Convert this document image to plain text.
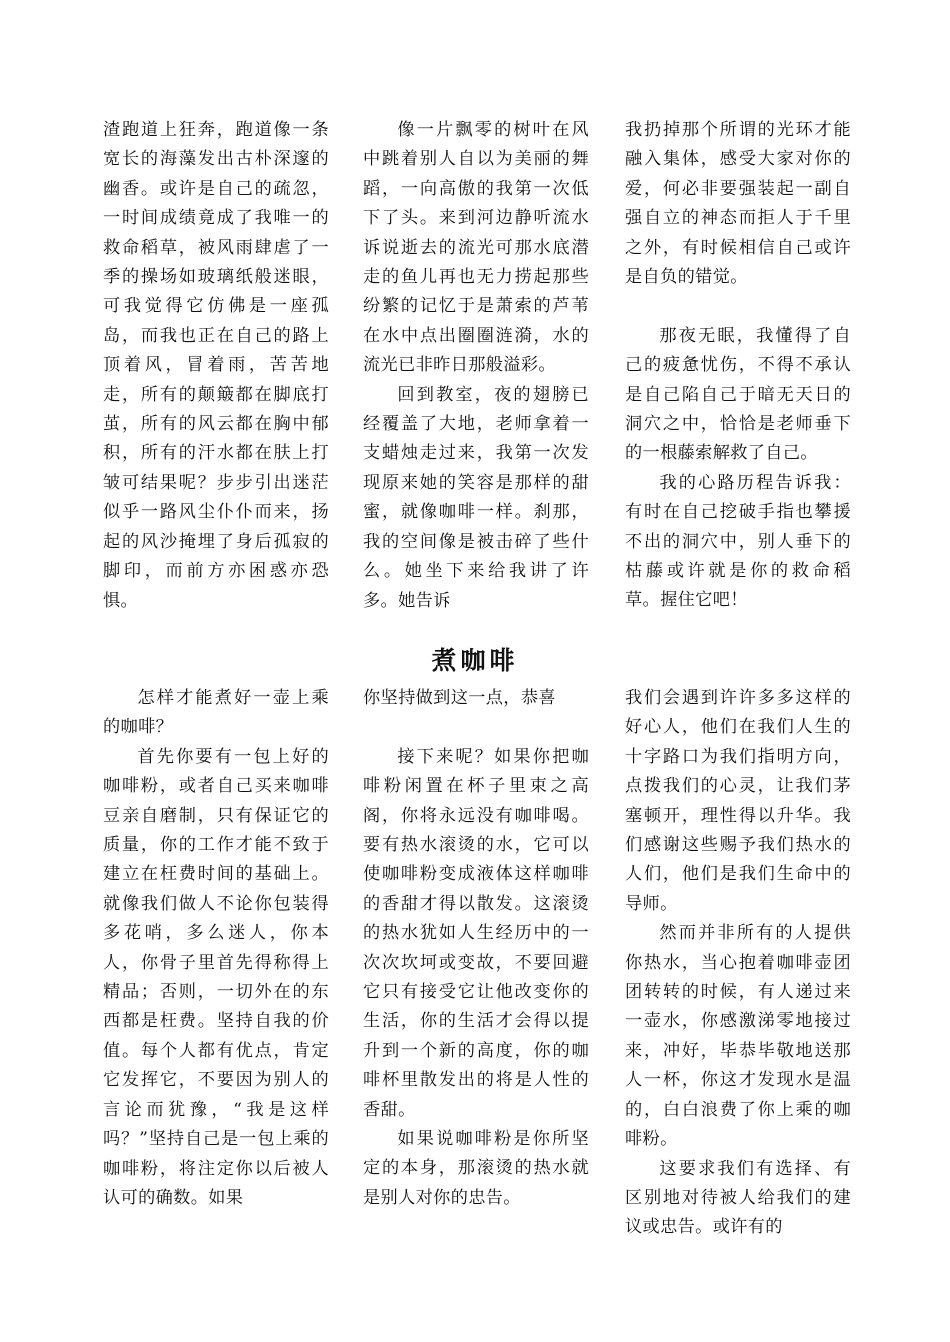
渣跑道上狂奔，跑道像一条宽长的海藻发出古朴深邃的幽香。或许是自己的疏忽，一时间成绩竟成了我唯一的救命稻草，被风雨肆虐了一季的操场如玻璃纸般迷眼，可我觉得它仿佛是一座孤岛，而我也正在自己的路上顶着风，冒着雨，苦苦地走，所有的颠簸都在脚底打茧，所有的风云都在胸中郁积，所有的汗水都在肤上打皱可结果呢？步步引出迷茫似乎一路风尘仆仆而来，扬起的风沙掩埋了身后孤寂的脚印，而前方亦困惑亦恐惧。

像一片飘零的树叶在风中跳着别人自以为美丽的舞蹈，一向高傲的我第一次低下了头。来到河边静听流水诉说逝去的流光可那水底潜走的鱼儿再也无力捞起那些纷繁的记忆于是萧索的芦苇在水中点出圈圈涟漪，水的流光已非昨日那般溢彩。

回到教室，夜的翅膀已经覆盖了大地，老师拿着一支蜡烛走过来，我第一次发现原来她的笑容是那样的甜蜜，就像咖啡一样。刹那，我的空间像是被击碎了些什么。她坐下来给我讲了许多。她告诉

我扔掉那个所谓的光环才能融入集体，感受大家对你的爱，何必非要强装起一副自强自立的神态而拒人于千里之外，有时候相信自己或许是自负的错觉。

那夜无眠，我懂得了自己的疲惫忧伤，不得不承认是自己陷自己于暗无天日的洞穴之中，恰恰是老师垂下的一根藤索解救了自己。

我的心路历程告诉我：有时在自己挖破手指也攀援不出的洞穴中，别人垂下的枯藤或许就是你的救命稻草。握住它吧！

煮咖啡

怎样才能煮好一壶上乘的咖啡？

首先你要有一包上好的咖啡粉，或者自己买来咖啡豆亲自磨制，只有保证它的质量，你的工作才能不致于建立在枉费时间的基础上。就像我们做人不论你包装得多花哨，多么迷人，你本人，你骨子里首先得称得上精品；否则，一切外在的东西都是枉费。坚持自我的价值。每个人都有优点，肯定它发挥它，不要因为别人的言论而犹豫，“我是这样吗？”坚持自己是一包上乘的咖啡粉，将注定你以后被人认可的确数。如果

你坚持做到这一点，恭喜

接下来呢？如果你把咖啡粉闲置在杯子里束之高阁，你将永远没有咖啡喝。要有热水滚烫的水，它可以使咖啡粉变成液体这样咖啡的香甜才得以散发。这滚烫的热水犹如人生经历中的一次次坎坷或变故，不要回避它只有接受它让他改变你的生活，你的生活才会得以提升到一个新的高度，你的咖啡杯里散发出的将是人性的香甜。

如果说咖啡粉是你所坚定的本身，那滚烫的热水就是别人对你的忠告。

我们会遇到许许多多这样的好心人，他们在我们人生的十字路口为我们指明方向，点拨我们的心灵，让我们茅塞顿开，理性得以升华。我们感谢这些赐予我们热水的人们，他们是我们生命中的导师。

然而并非所有的人提供你热水，当心抱着咖啡壶团团转转的时候，有人递过来一壶水，你感激涕零地接过来，冲好，毕恭毕敬地送那人一杯，你这才发现水是温的，白白浪费了你上乘的咖啡粉。

这要求我们有选择、有区别地对待被人给我们的建议或忠告。或许有的
